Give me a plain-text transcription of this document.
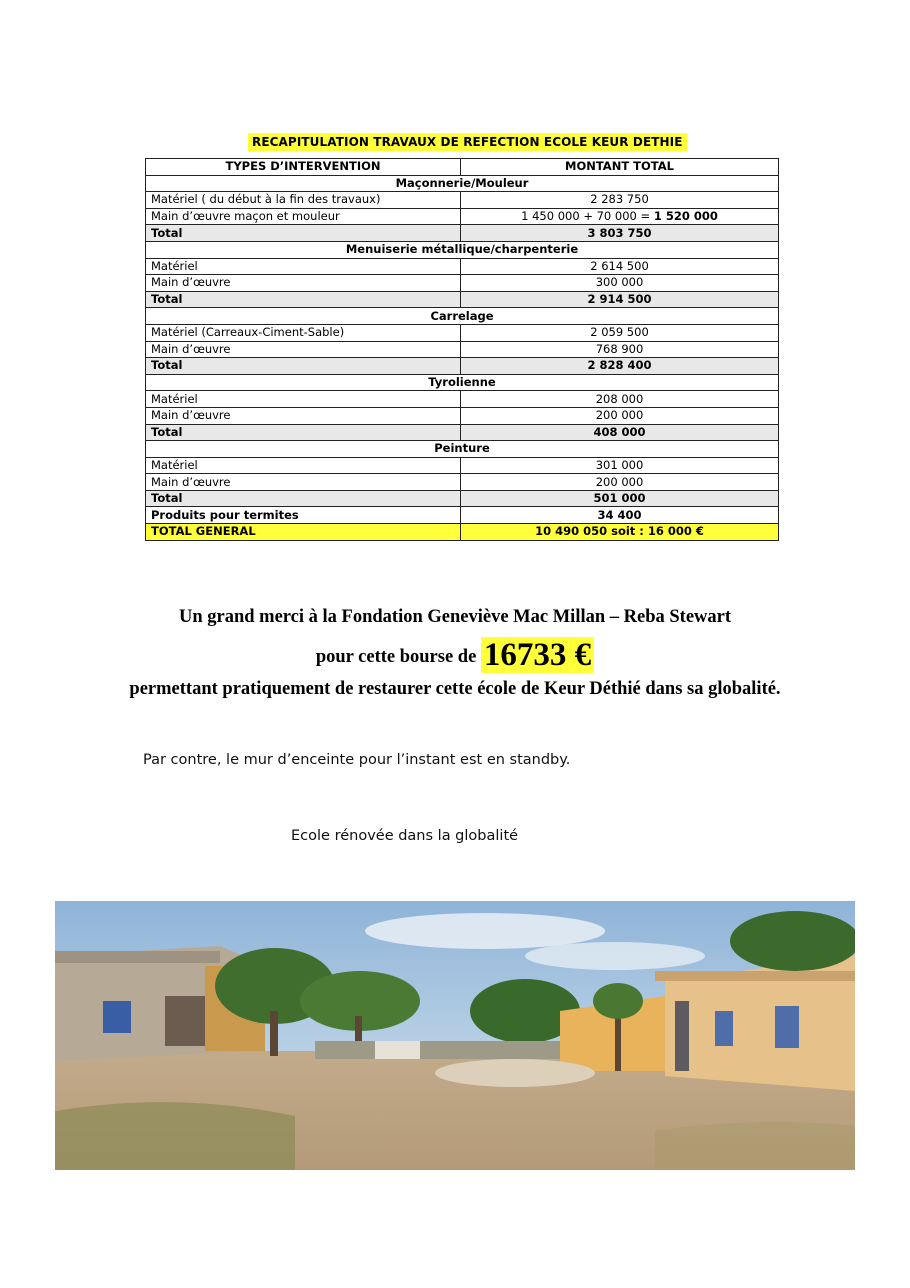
RECAPITULATION TRAVAUX DE REFECTION ECOLE KEUR DETHIE
TYPES D’INTERVENTION	MONTANT TOTAL
Maçonnerie/Mouleur	
Matériel ( du début à la fin des travaux)	2 283 750
Main d’œuvre maçon et mouleur	1 450 000 + 70 000 = 1 520 000
Total	3 803 750
Menuiserie métallique/charpenterie	
Matériel	2 614 500
Main d’œuvre	300 000
Total	2 914 500
Carrelage	
Matériel (Carreaux-Ciment-Sable)	2 059 500
Main d’œuvre	768 900
Total	2 828 400
Tyrolienne	
Matériel	208 000
Main d’œuvre	200 000
Total	408 000
Peinture	
Matériel	301 000
Main d’œuvre	200 000
Total	501 000
Produits pour termites	34 400
TOTAL GENERAL	10 490 050 soit : 16 000 €
Un grand merci à la Fondation Geneviève Mac Millan – Reba Stewart
pour cette bourse de 16733 €
permettant pratiquement de restaurer cette école de Keur Déthié dans sa globalité.
Par contre, le mur d’enceinte pour l’instant est en standby.
Ecole rénovée dans la globalité
